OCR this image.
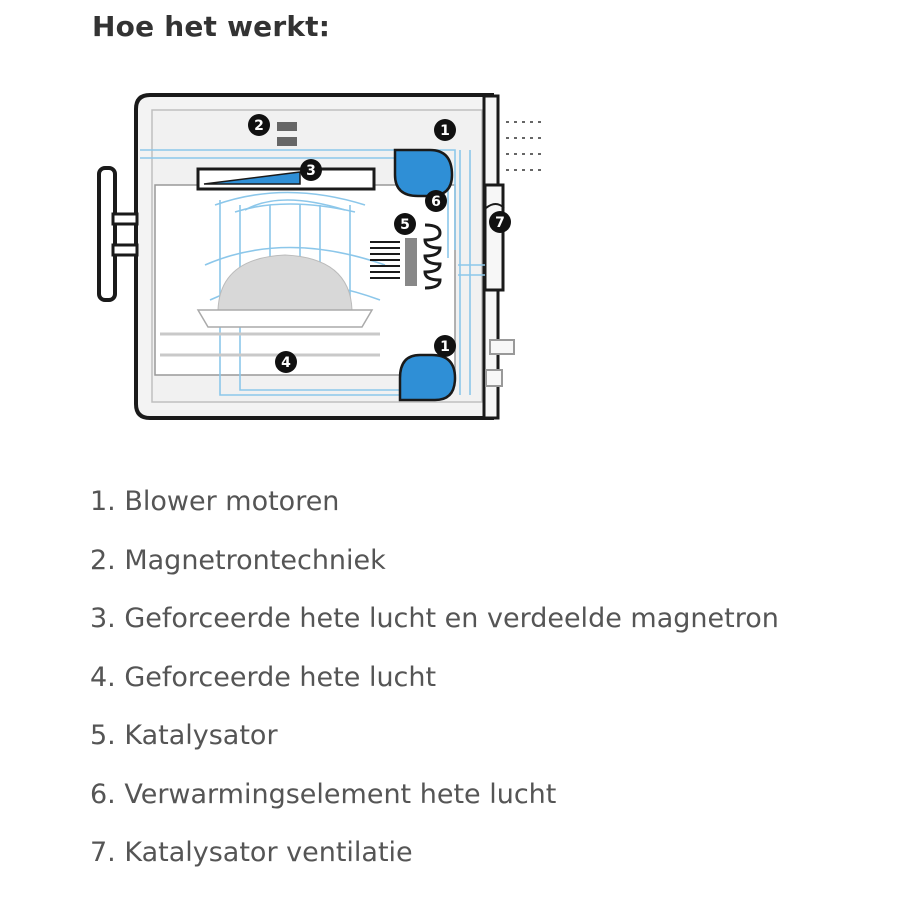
Hoe het werkt:
1
2
3
6
5	7
4
1
1. Blower motoren
2. Magnetrontechniek
3. Geforceerde hete lucht en verdeelde magnetron
4. Geforceerde hete lucht
5. Katalysator
6. Verwarmingselement hete lucht
7. Katalysator ventilatie
